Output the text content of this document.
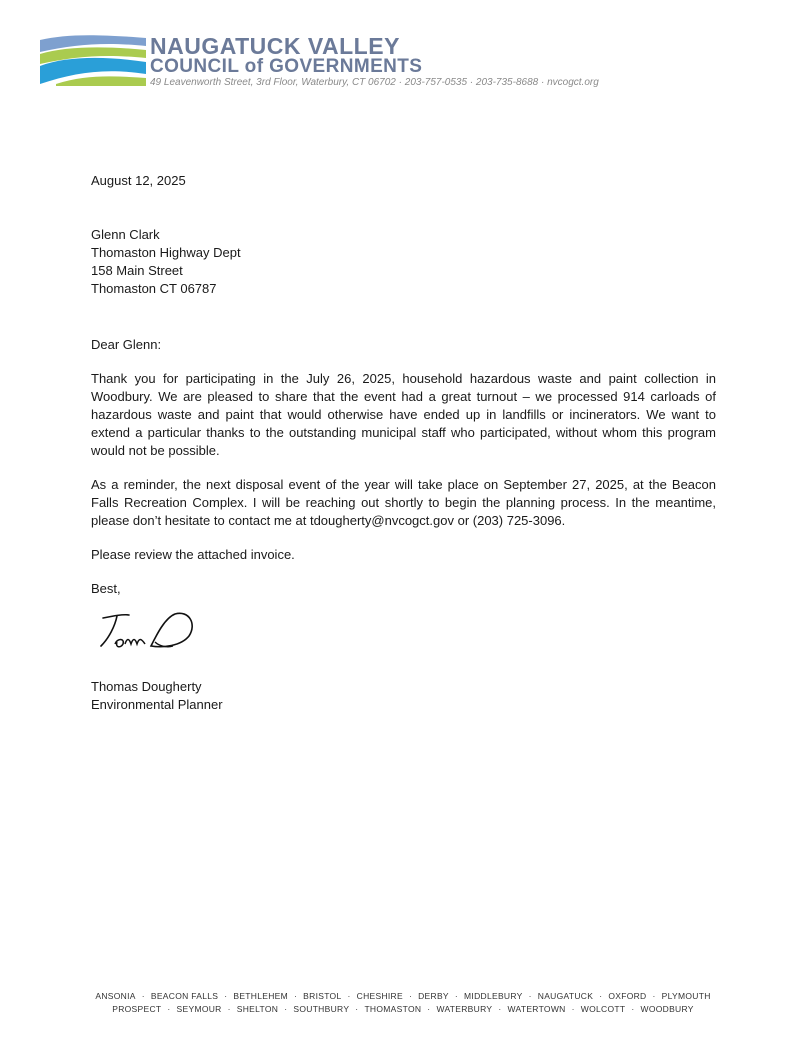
NAUGATUCK VALLEY

COUNCIL of GOVERNMENTS

49 Leavenworth Street, 3rd Floor, Waterbury, CT 06702 · 203-757-0535 · 203-735-8688 · nvcogct.org

August 12, 2025

Glenn Clark

Thomaston Highway Dept

158 Main Street

Thomaston CT 06787

Dear Glenn:

Thank you for participating in the July 26, 2025, household hazardous waste and paint collection in Woodbury. We are pleased to share that the event had a great turnout – we processed 914 carloads of hazardous waste and paint that would otherwise have ended up in landfills or incinerators. We want to extend a particular thanks to the outstanding municipal staff who participated, without whom this program would not be possible.

As a reminder, the next disposal event of the year will take place on September 27, 2025, at the Beacon Falls Recreation Complex. I will be reaching out shortly to begin the planning process. In the meantime, please don’t hesitate to contact me at tdougherty@nvcogct.gov or (203) 725-3096.

Please review the attached invoice.

Best,

Thomas Dougherty

Environmental Planner

ANSONIA · BEACON FALLS · BETHLEHEM · BRISTOL · CHESHIRE · DERBY · MIDDLEBURY · NAUGATUCK · OXFORD · PLYMOUTH
PROSPECT · SEYMOUR · SHELTON · SOUTHBURY · THOMASTON · WATERBURY · WATERTOWN · WOLCOTT · WOODBURY
